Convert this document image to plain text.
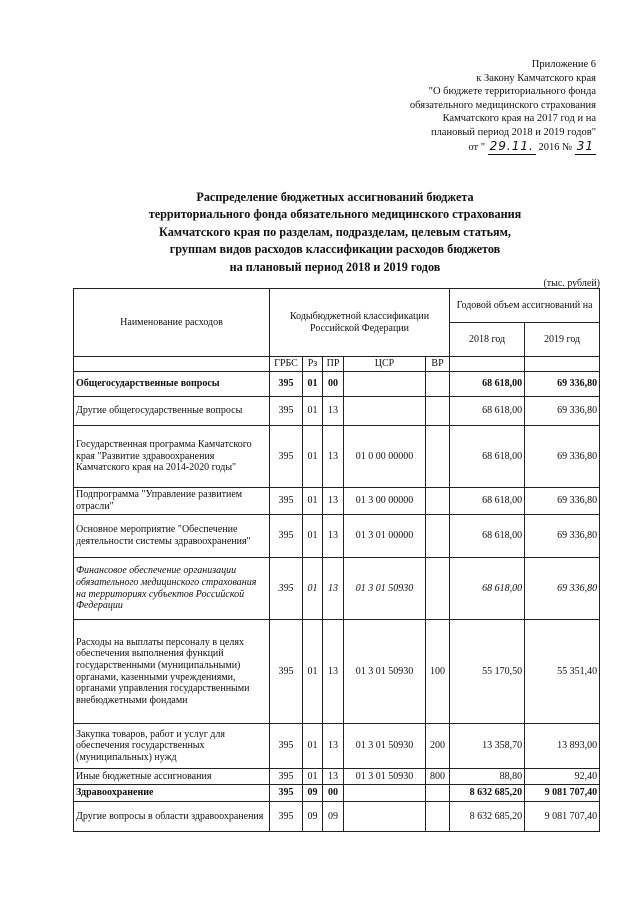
Приложение 6
к Закону Камчатского края
"О бюджете территориального фонда
обязательного медицинского страхования
Камчатского края на 2017 год и на
плановый период 2018 и 2019 годов"
от " 29.11. 2016 № 31
Распределение бюджетных ассигнований бюджета
территориального фонда обязательного медицинского страхования
Камчатского края по разделам, подразделам, целевым статьям,
группам видов расходов классификации расходов бюджетов
на плановый период 2018 и 2019 годов
(тыс. рублей)
Наименование расходов	Кодыбюджетной классификации Российской Федерации					Годовой объем ассигнований на	
						2018 год	2019 год
	ГРБС	Рз	ПР	ЦСР	ВР		
Общегосударственные вопросы	395	01	00			68 618,00	69 336,80
Другие общегосударственные вопросы	395	01	13			68 618,00	69 336,80
Государственная программа Камчатского края "Развитие здравоохранения Камчатского края на 2014-2020 годы"	395	01	13	01 0 00 00000		68 618,00	69 336,80
Подпрограмма "Управление развитием отрасли"	395	01	13	01 3 00 00000		68 618,00	69 336,80
Основное мероприятие "Обеспечение деятельности системы здравоохранения"	395	01	13	01 3 01 00000		68 618,00	69 336,80
Финансовое обеспечение организации обязательного медицинского страхования на территориях субъектов Российской Федерации	395	01	13	01 3 01 50930		68 618,00	69 336,80
Расходы на выплаты персоналу в целях обеспечения выполнения функций государственными (муниципальными) органами, казенными учреждениями, органами управления государственными внебюджетными фондами	395	01	13	01 3 01 50930	100	55 170,50	55 351,40
Закупка товаров, работ и услуг для обеспечения государственных (муниципальных) нужд	395	01	13	01 3 01 50930	200	13 358,70	13 893,00
Иные бюджетные ассигнования	395	01	13	01 3 01 50930	800	88,80	92,40
Здравоохранение	395	09	00			8 632 685,20	9 081 707,40
Другие вопросы в области здравоохранения	395	09	09			8 632 685,20	9 081 707,40
